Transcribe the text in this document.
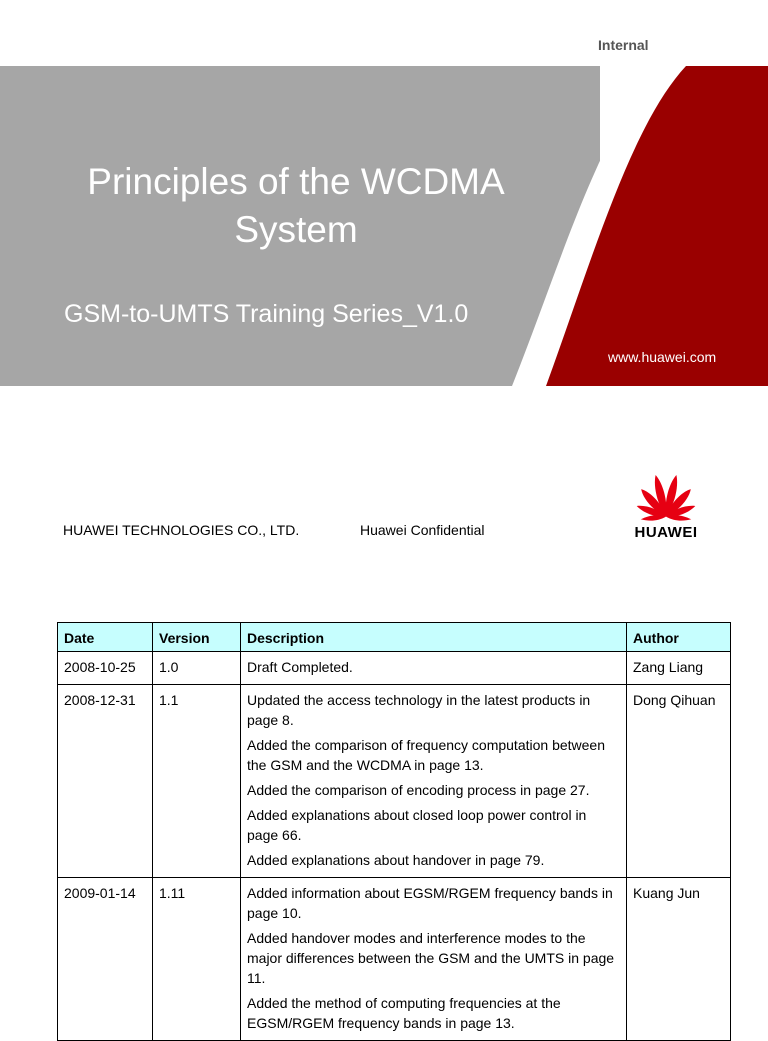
Internal
Principles of the WCDMA System
GSM-to-UMTS Training Series_V1.0
www.huawei.com
HUAWEI TECHNOLOGIES CO., LTD.	Huawei Confidential	HUAWEI
Date	Version	Description	Author
2008-10-25	1.0	Draft Completed.	Zang Liang
2008-12-31	1.1	Updated the access technology in the latest products in page 8.

Added the comparison of frequency computation between the GSM and the WCDMA in page 13.

Added the comparison of encoding process in page 27.

Added explanations about closed loop power control in page 66.

Added explanations about handover in page 79.	Dong Qihuan
2009-01-14	1.11	Added information about EGSM/RGEM frequency bands in page 10.

Added handover modes and interference modes to the major differences between the GSM and the UMTS in page 11.

Added the method of computing frequencies at the EGSM/RGEM frequency bands in page 13.	Kuang Jun
